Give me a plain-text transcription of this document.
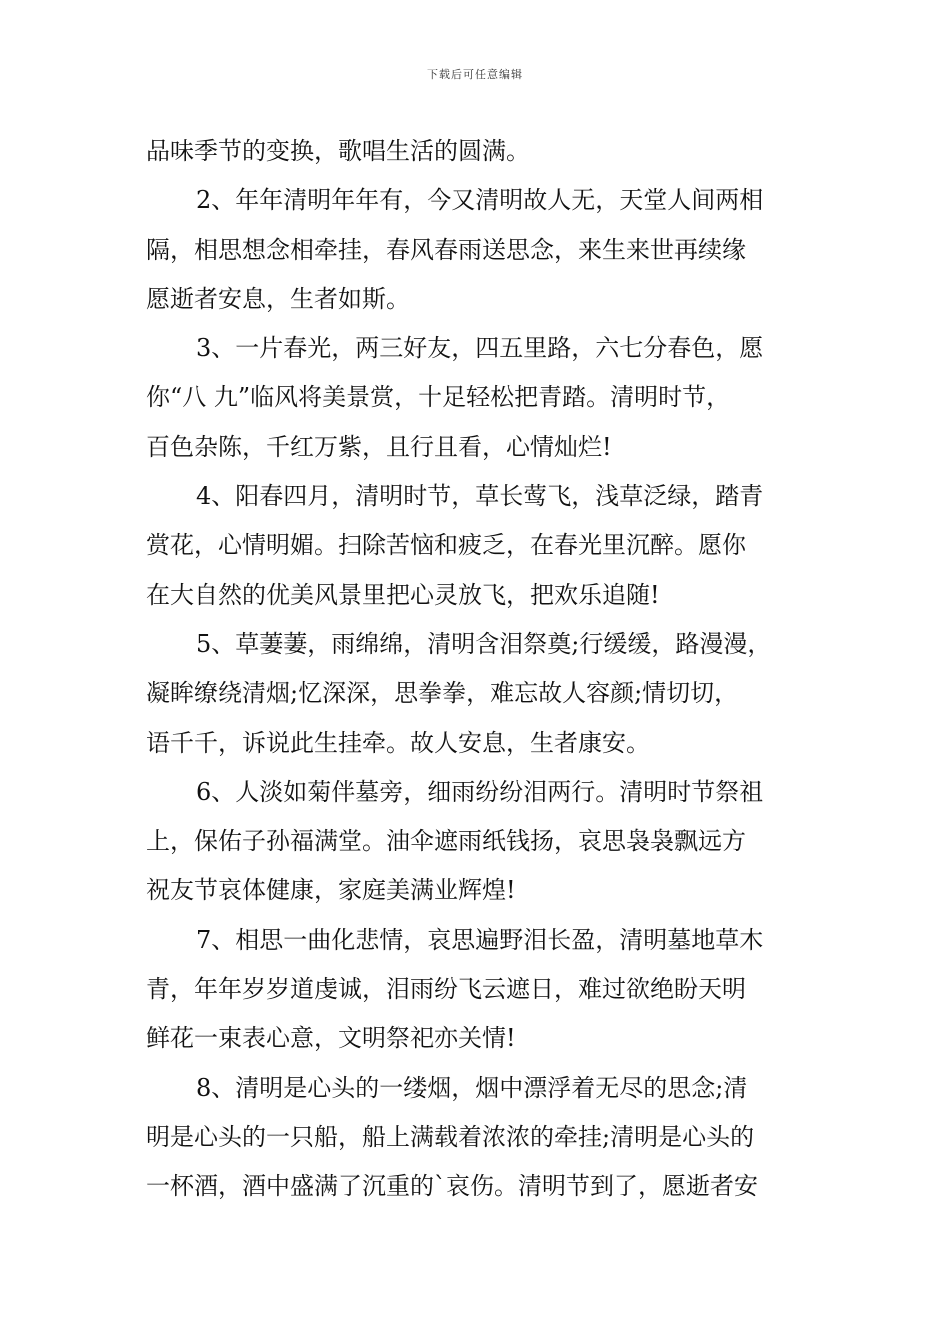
下载后可任意编辑
品味季节的变换，歌唱生活的圆满。
2、年年清明年年有，今又清明故人无，天堂人间两相
隔，相思想念相牵挂，春风春雨送思念，来生来世再续缘
愿逝者安息，生者如斯。
3、一片春光，两三好友，四五里路，六七分春色，愿
你“八 九”临风将美景赏，十足轻松把青踏。清明时节，
百色杂陈，千红万紫，且行且看，心情灿烂!
4、阳春四月，清明时节，草长莺飞，浅草泛绿，踏青
赏花，心情明媚。扫除苦恼和疲乏，在春光里沉醉。愿你
在大自然的优美风景里把心灵放飞，把欢乐追随!
5、草萋萋，雨绵绵，清明含泪祭奠;行缓缓，路漫漫，
凝眸缭绕清烟;忆深深，思拳拳，难忘故人容颜;情切切，
语千千，诉说此生挂牵。故人安息，生者康安。
6、人淡如菊伴墓旁，细雨纷纷泪两行。清明时节祭祖
上，保佑子孙福满堂。油伞遮雨纸钱扬，哀思袅袅飘远方
祝友节哀体健康，家庭美满业辉煌!
7、相思一曲化悲情，哀思遍野泪长盈，清明墓地草木
青，年年岁岁道虔诚，泪雨纷飞云遮日，难过欲绝盼天明
鲜花一束表心意，文明祭祀亦关情!
8、清明是心头的一缕烟，烟中漂浮着无尽的思念;清
明是心头的一只船，船上满载着浓浓的牵挂;清明是心头的
一杯酒，酒中盛满了沉重的`哀伤。清明节到了，愿逝者安
